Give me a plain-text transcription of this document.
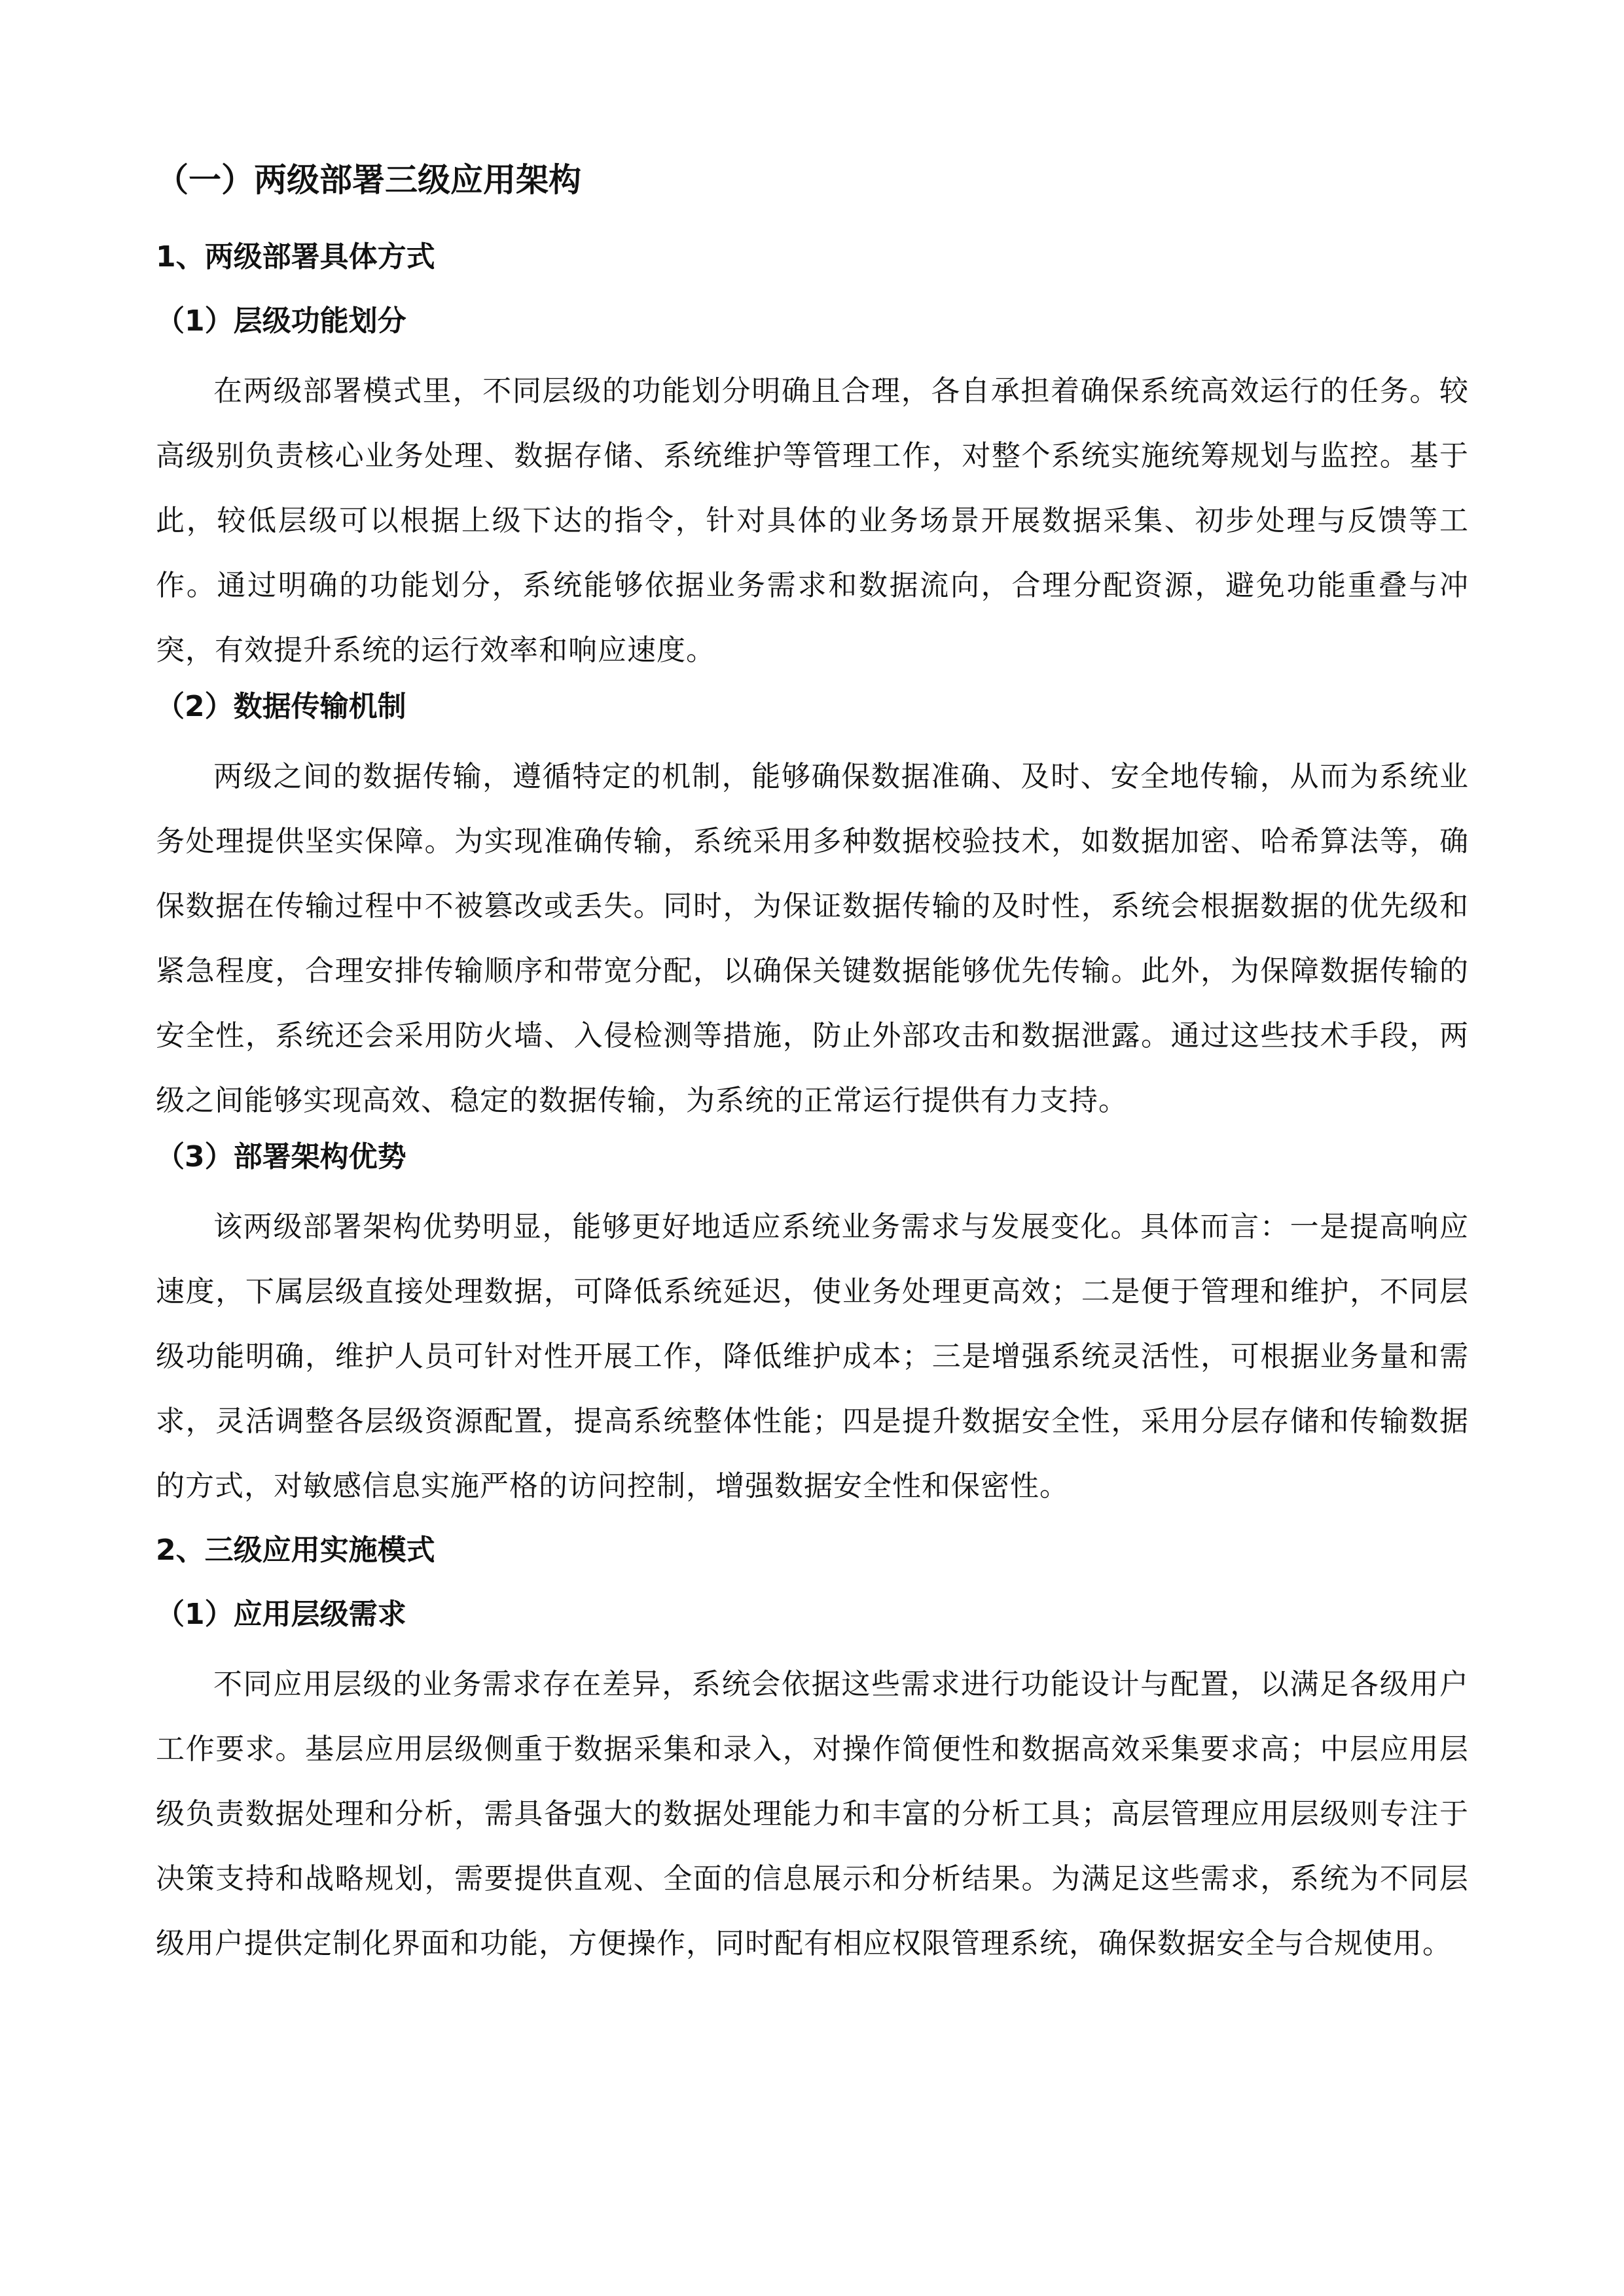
（一）两级部署三级应用架构
1、两级部署具体方式
（1）层级功能划分
在两级部署模式里，不同层级的功能划分明确且合理，各自承担着确保系统高效运行的任务。较高级别负责核心业务处理、数据存储、系统维护等管理工作，对整个系统实施统筹规划与监控。基于此，较低层级可以根据上级下达的指令，针对具体的业务场景开展数据采集、初步处理与反馈等工作。通过明确的功能划分，系统能够依据业务需求和数据流向，合理分配资源，避免功能重叠与冲突，有效提升系统的运行效率和响应速度。
（2）数据传输机制
两级之间的数据传输，遵循特定的机制，能够确保数据准确、及时、安全地传输，从而为系统业务处理提供坚实保障。为实现准确传输，系统采用多种数据校验技术，如数据加密、哈希算法等，确保数据在传输过程中不被篡改或丢失。同时，为保证数据传输的及时性，系统会根据数据的优先级和紧急程度，合理安排传输顺序和带宽分配，以确保关键数据能够优先传输。此外，为保障数据传输的安全性，系统还会采用防火墙、入侵检测等措施，防止外部攻击和数据泄露。通过这些技术手段，两级之间能够实现高效、稳定的数据传输，为系统的正常运行提供有力支持。
（3）部署架构优势
该两级部署架构优势明显，能够更好地适应系统业务需求与发展变化。具体而言：一是提高响应速度，下属层级直接处理数据，可降低系统延迟，使业务处理更高效；二是便于管理和维护，不同层级功能明确，维护人员可针对性开展工作，降低维护成本；三是增强系统灵活性，可根据业务量和需求，灵活调整各层级资源配置，提高系统整体性能；四是提升数据安全性，采用分层存储和传输数据的方式，对敏感信息实施严格的访问控制，增强数据安全性和保密性。
2、三级应用实施模式
（1）应用层级需求
不同应用层级的业务需求存在差异，系统会依据这些需求进行功能设计与配置，以满足各级用户工作要求。基层应用层级侧重于数据采集和录入，对操作简便性和数据高效采集要求高；中层应用层级负责数据处理和分析，需具备强大的数据处理能力和丰富的分析工具；高层管理应用层级则专注于决策支持和战略规划，需要提供直观、全面的信息展示和分析结果。为满足这些需求，系统为不同层级用户提供定制化界面和功能，方便操作，同时配有相应权限管理系统，确保数据安全与合规使用。
